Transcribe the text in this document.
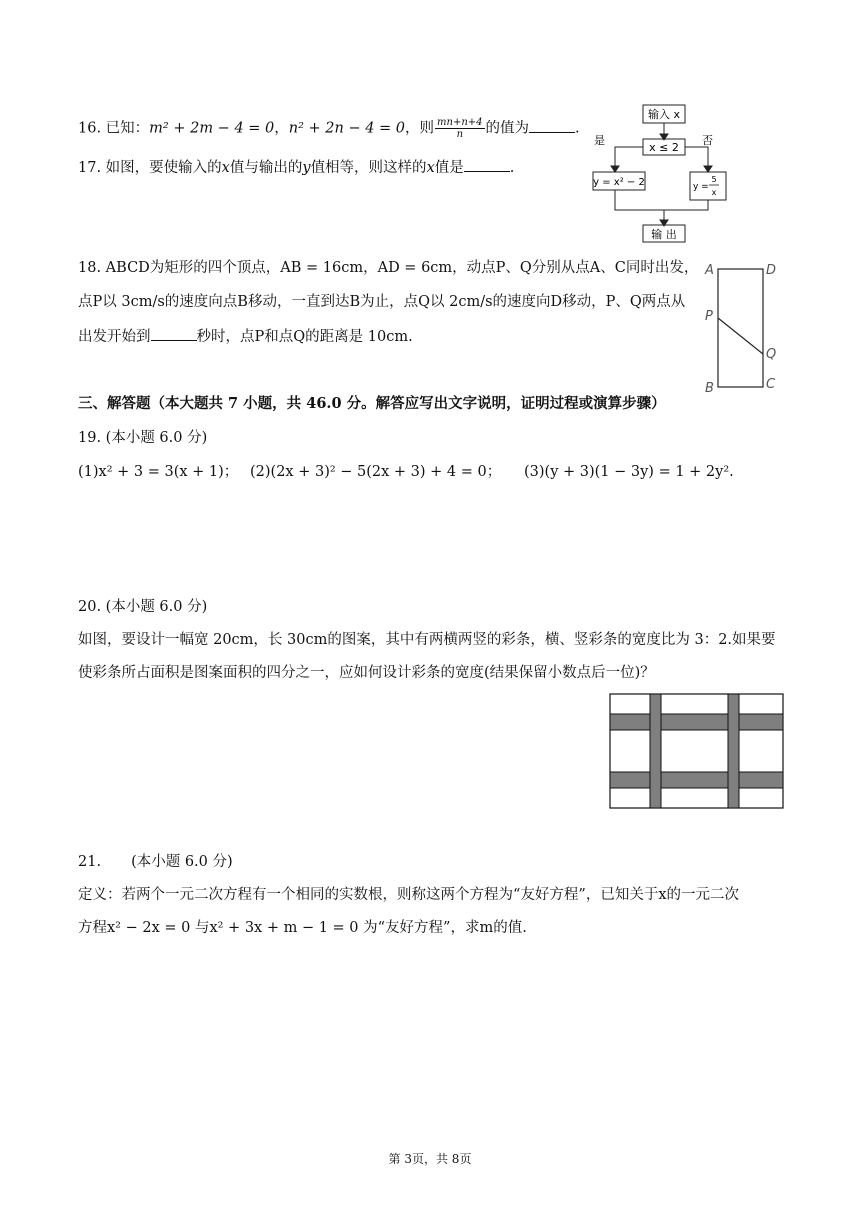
16. 已知：m² + 2m − 4 = 0，n² + 2n − 4 = 0，则 $\frac{mn+n+4}{n}$ 的值为	.
17. 如图，要使输入的x值与输出的y值相等，则这样的x值是	.
输入 x
x ≤ 2
是	否
y = x² − 2	y =
5
x
输 出
18. ABCD为矩形的四个顶点，AB = 16cm，AD = 6cm，动点P、Q分别从点A、C同时出发，
点P以 3cm/s的速度向点B移动，一直到达B为止，点Q以 2cm/s的速度向D移动，P、Q两点从
出发开始到	秒时，点P和点Q的距离是 10cm.
A	D
P
Q
B	C
三、解答题（本大题共 7 小题，共 46.0 分。解答应写出文字说明，证明过程或演算步骤）
19. (本小题 6.0 分)
(1)x² + 3 = 3(x + 1)； (2)(2x + 3)² − 5(2x + 3) + 4 = 0； (3)(y + 3)(1 − 3y) = 1 + 2y².
20. (本小题 6.0 分)
如图，要设计一幅宽 20cm，长 30cm的图案，其中有两横两竖的彩条，横、竖彩条的宽度比为 3：2.如果要
使彩条所占面积是图案面积的四分之一，应如何设计彩条的宽度(结果保留小数点后一位)？
21. (本小题 6.0 分)
定义：若两个一元二次方程有一个相同的实数根，则称这两个方程为“友好方程”，已知关于x的一元二次
方程x² − 2x = 0 与x² + 3x + m − 1 = 0 为“友好方程”，求m的值.
第 3页，共 8页
